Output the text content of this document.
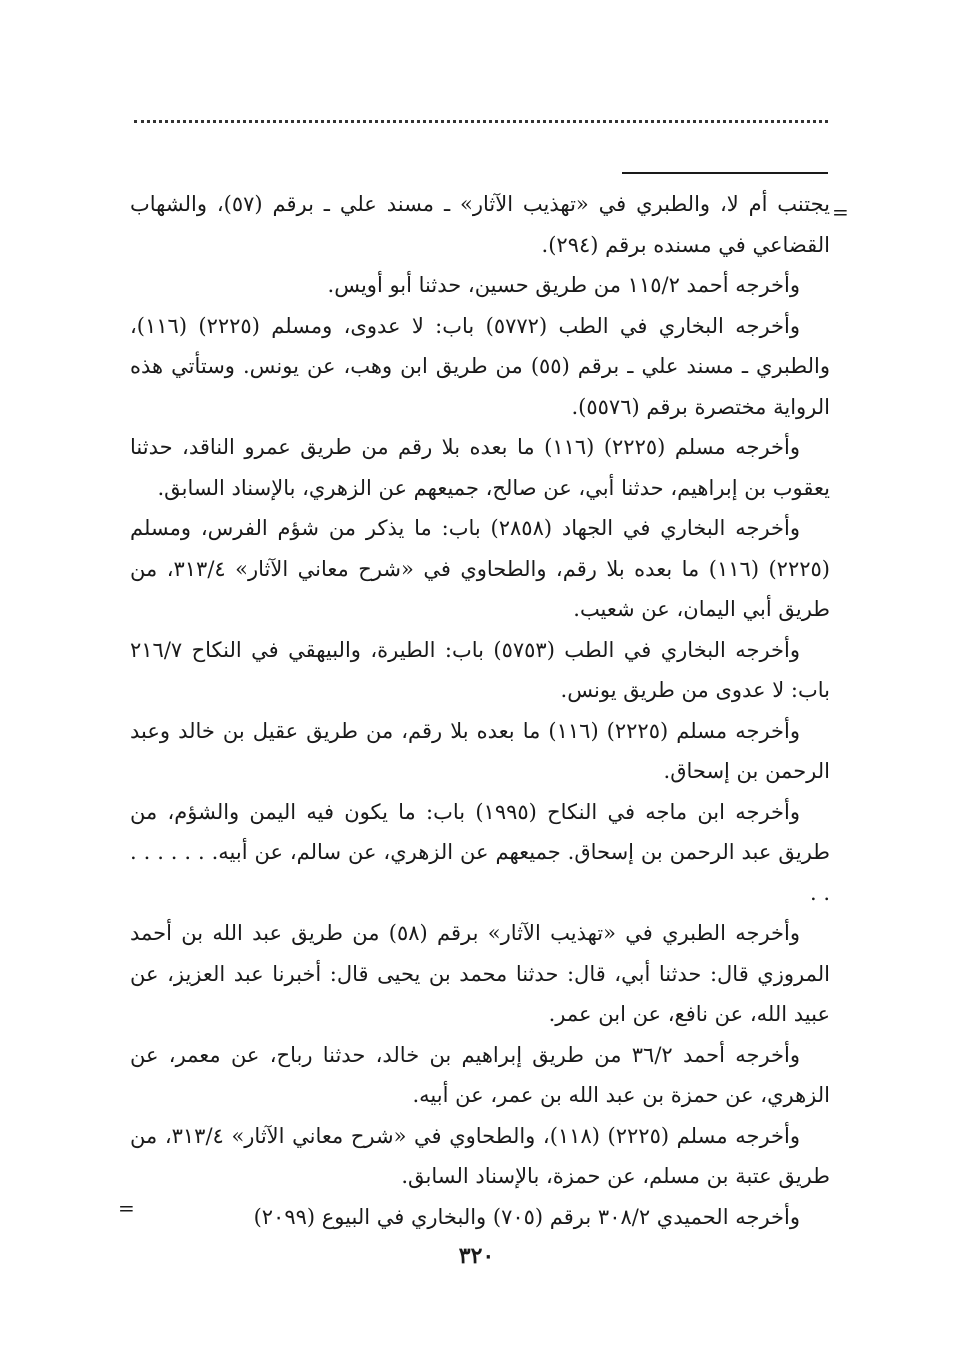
=

يجتنب أم لا، والطبري في «تهذيب الآثار» ـ مسند علي ـ برقم (٥٧)، والشهاب القضاعي في مسنده برقم (٢٩٤).

وأخرجه أحمد ١١٥/٢ من طريق حسين، حدثنا أبو أويس.

وأخرجه البخاري في الطب (٥٧٧٢) باب: لا عدوى، ومسلم (٢٢٢٥) (١١٦)، والطبري ـ مسند علي ـ برقم (٥٥) من طريق ابن وهب، عن يونس. وستأتي هذه الرواية مختصرة برقم (٥٥٧٦).

وأخرجه مسلم (٢٢٢٥) (١١٦) ما بعده بلا رقم من طريق عمرو الناقد، حدثنا يعقوب بن إبراهيم، حدثنا أبي، عن صالح، جميعهم عن الزهري، بالإسناد السابق.

وأخرجه البخاري في الجهاد (٢٨٥٨) باب: ما يذكر من شؤم الفرس، ومسلم (٢٢٢٥) (١١٦) ما بعده بلا رقم، والطحاوي في «شرح معاني الآثار» ٣١٣/٤، من طريق أبي اليمان، عن شعيب.

وأخرجه البخاري في الطب (٥٧٥٣) باب: الطيرة، والبيهقي في النكاح ٢١٦/٧ باب: لا عدوى من طريق يونس.

وأخرجه مسلم (٢٢٢٥) (١١٦) ما بعده بلا رقم، من طريق عقيل بن خالد وعبد الرحمن بن إسحاق.

وأخرجه ابن ماجه في النكاح (١٩٩٥) باب: ما يكون فيه اليمن والشؤم، من طريق عبد الرحمن بن إسحاق. جميعهم عن الزهري، عن سالم، عن أبيه. . . . . . . . .

وأخرجه الطبري في «تهذيب الآثار» برقم (٥٨) من طريق عبد الله بن أحمد المروزي قال: حدثنا أبي، قال: حدثنا محمد بن يحيى قال: أخبرنا عبد العزيز، عن عبيد الله، عن نافع، عن ابن عمر.

وأخرجه أحمد ٣٦/٢ من طريق إبراهيم بن خالد، حدثنا رباح، عن معمر، عن الزهري، عن حمزة بن عبد الله بن عمر، عن أبيه.

وأخرجه مسلم (٢٢٢٥) (١١٨)، والطحاوي في «شرح معاني الآثار» ٣١٣/٤، من طريق عتبة بن مسلم، عن حمزة، بالإسناد السابق.

وأخرجه الحميدي ٣٠٨/٢ برقم (٧٠٥) والبخاري في البيوع (٢٠٩٩)

=
٣٢٠
